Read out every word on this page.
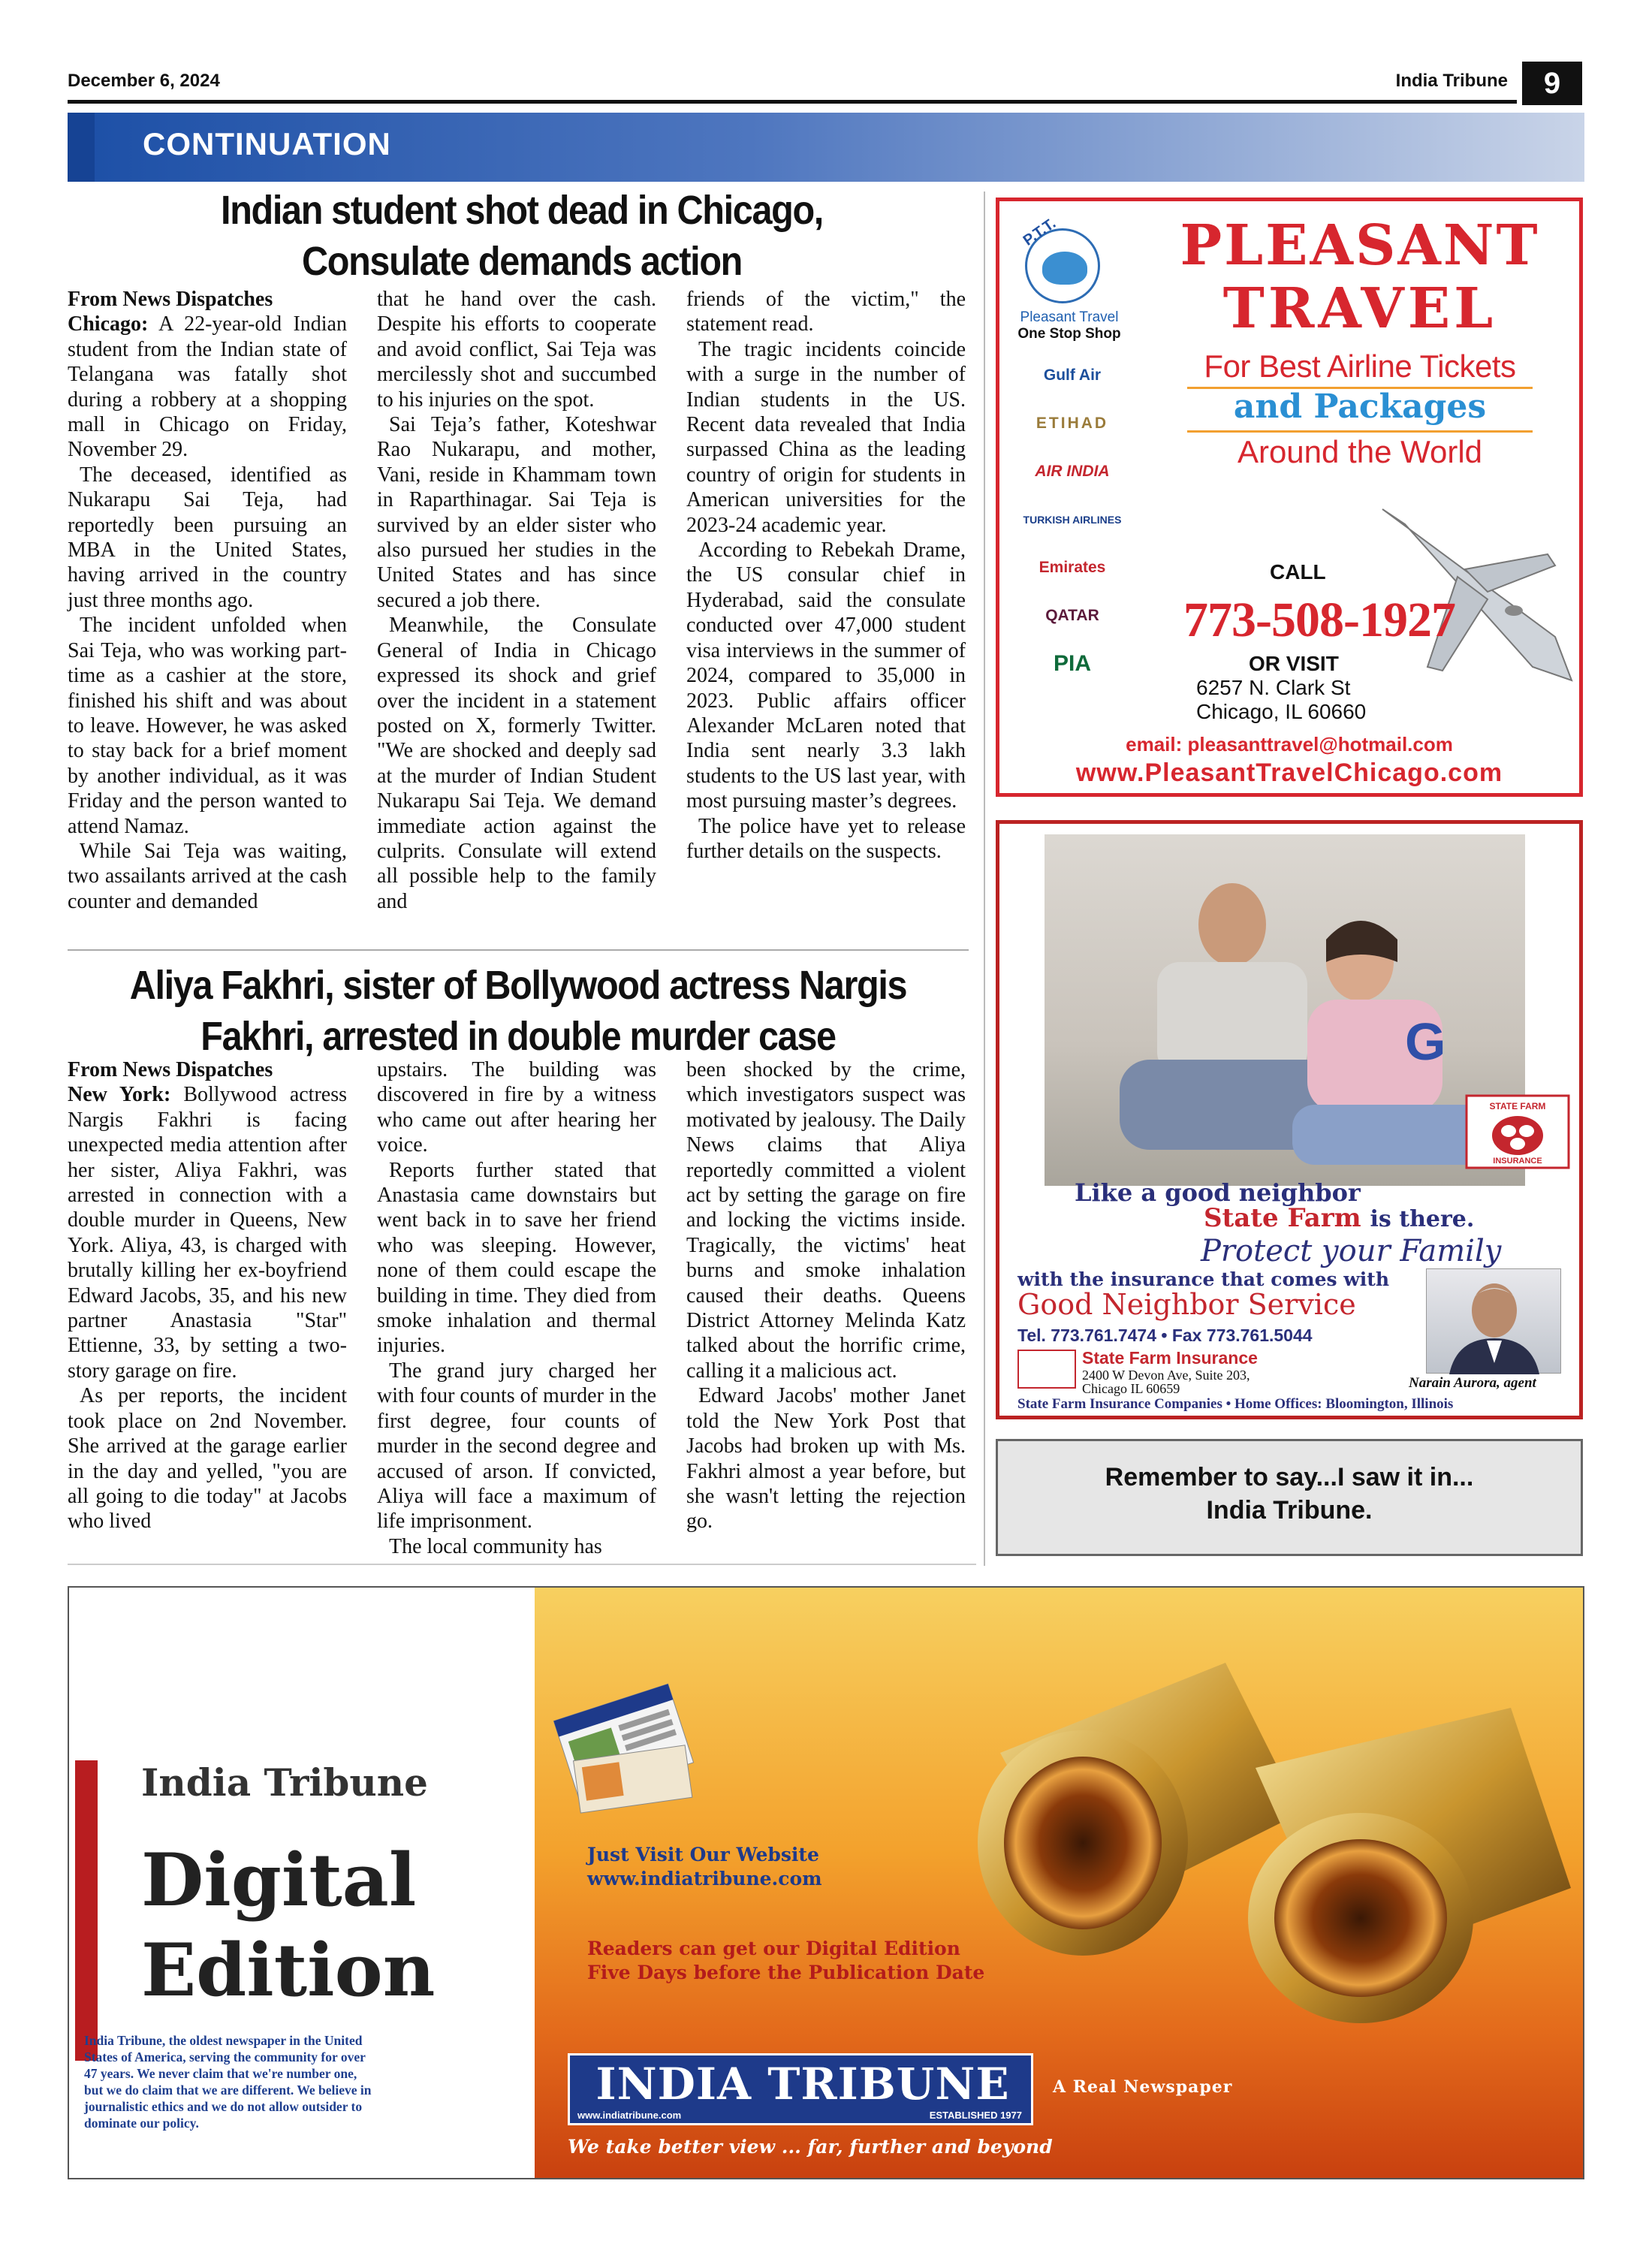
December 6, 2024	India Tribune	9
CONTINUATION
Indian student shot dead in Chicago,
Consulate demands action

From News Dispatches

Chicago: A 22-year-old Indian student from the Indian state of Telangana was fatally shot during a robbery at a shopping mall in Chicago on Friday, November 29.

The deceased, identified as Nukarapu Sai Teja, had reportedly been pursuing an MBA in the United States, having arrived in the country just three months ago.

The incident unfolded when Sai Teja, who was working part-time as a cashier at the store, finished his shift and was about to leave. However, he was asked to stay back for a brief moment by another individual, as it was Friday and the person wanted to attend Namaz.

While Sai Teja was waiting, two assailants arrived at the cash counter and demanded

that he hand over the cash. Despite his efforts to cooperate and avoid conflict, Sai Teja was mercilessly shot and succumbed to his injuries on the spot.

Sai Teja’s father, Koteshwar Rao Nukarapu, and mother, Vani, reside in Khammam town in Raparthinagar. Sai Teja is survived by an elder sister who also pursued her studies in the United States and has since secured a job there.

Meanwhile, the Consulate General of India in Chicago expressed its shock and grief over the incident in a statement posted on X, formerly Twitter. "We are shocked and deeply sad at the murder of Indian Student Nukarapu Sai Teja. We demand immediate action against the culprits. Consulate will extend all possible help to the family and

friends of the victim," the statement read.

The tragic incidents coincide with a surge in the number of Indian students in the US. Recent data revealed that India surpassed China as the leading country of origin for students in American universities for the 2023-24 academic year.

According to Rebekah Drame, the US consular chief in Hyderabad, said the consulate conducted over 47,000 student visa interviews in the summer of 2024, compared to 35,000 in 2023. Public affairs officer Alexander McLaren noted that India sent nearly 3.3 lakh students to the US last year, with most pursuing master’s degrees.

The police have yet to release further details on the suspects.

Aliya Fakhri, sister of Bollywood actress Nargis
Fakhri, arrested in double murder case

From News Dispatches

New York: Bollywood actress Nargis Fakhri is facing unexpected media attention after her sister, Aliya Fakhri, was arrested in connection with a double murder in Queens, New York. Aliya, 43, is charged with brutally killing her ex-boyfriend Edward Jacobs, 35, and his new partner Anastasia "Star" Ettienne, 33, by setting a two-story garage on fire.

As per reports, the incident took place on 2nd November. She arrived at the garage earlier in the day and yelled, "you are all going to die today" at Jacobs who lived

upstairs. The building was discovered in fire by a witness who came out after hearing her voice.

Reports further stated that Anastasia came downstairs but went back in to save her friend who was sleeping. However, none of them could escape the building in time. They died from smoke inhalation and thermal injuries.

The grand jury charged her with four counts of murder in the first degree, four counts of murder in the second degree and accused of arson. If convicted, Aliya will face a maximum of life imprisonment.

The local community has

been shocked by the crime, which investigators suspect was motivated by jealousy. The Daily News claims that Aliya reportedly committed a violent act by setting the garage on fire and locking the victims inside. Tragically, the victims' heat burns and smoke inhalation caused their deaths. Queens District Attorney Melinda Katz talked about the horrific crime, calling it a malicious act.

Edward Jacobs' mother Janet told the New York Post that Jacobs had broken up with Ms. Fakhri almost a year before, but she wasn't letting the rejection go.

P.T.T.
Pleasant Travel
One Stop Shop
PLEASANT
TRAVEL
For Best Airline Tickets
and Packages
Around the World
Gulf Air
ETIHAD
AIR INDIA
TURKISH AIRLINES
Emirates
QATAR
PIA
CALL
773-508-1927
OR VISIT
6257 N. Clark St
Chicago, IL 60660
email: pleasanttravel@hotmail.com
www.PleasantTravelChicago.com
G
STATE FARM
INSURANCE
Like a good neighbor
State Farm is there.
Protect your Family
with the insurance that comes with
Good Neighbor Service
Tel. 773.761.7474 • Fax 773.761.5044
State Farm Insurance
2400 W Devon Ave, Suite 203,
Chicago IL 60659	Narain Aurora, agent
State Farm Insurance Companies • Home Offices: Bloomington, Illinois
Remember to say...I saw it in...
India Tribune.
India Tribune
Digital
Edition
India Tribune, the oldest newspaper in the United States of America, serving the community for over 47 years. We never claim that we're number one, but we do claim that we are different. We believe in journalistic ethics and we do not allow outsider to dominate our policy.
Just Visit Our Website
www.indiatribune.com
Readers can get our Digital Edition
Five Days before the Publication Date
INDIA TRIBUNE
www.indiatribune.com	ESTABLISHED 1977
A Real Newspaper
We take better view ... far, further and beyond
